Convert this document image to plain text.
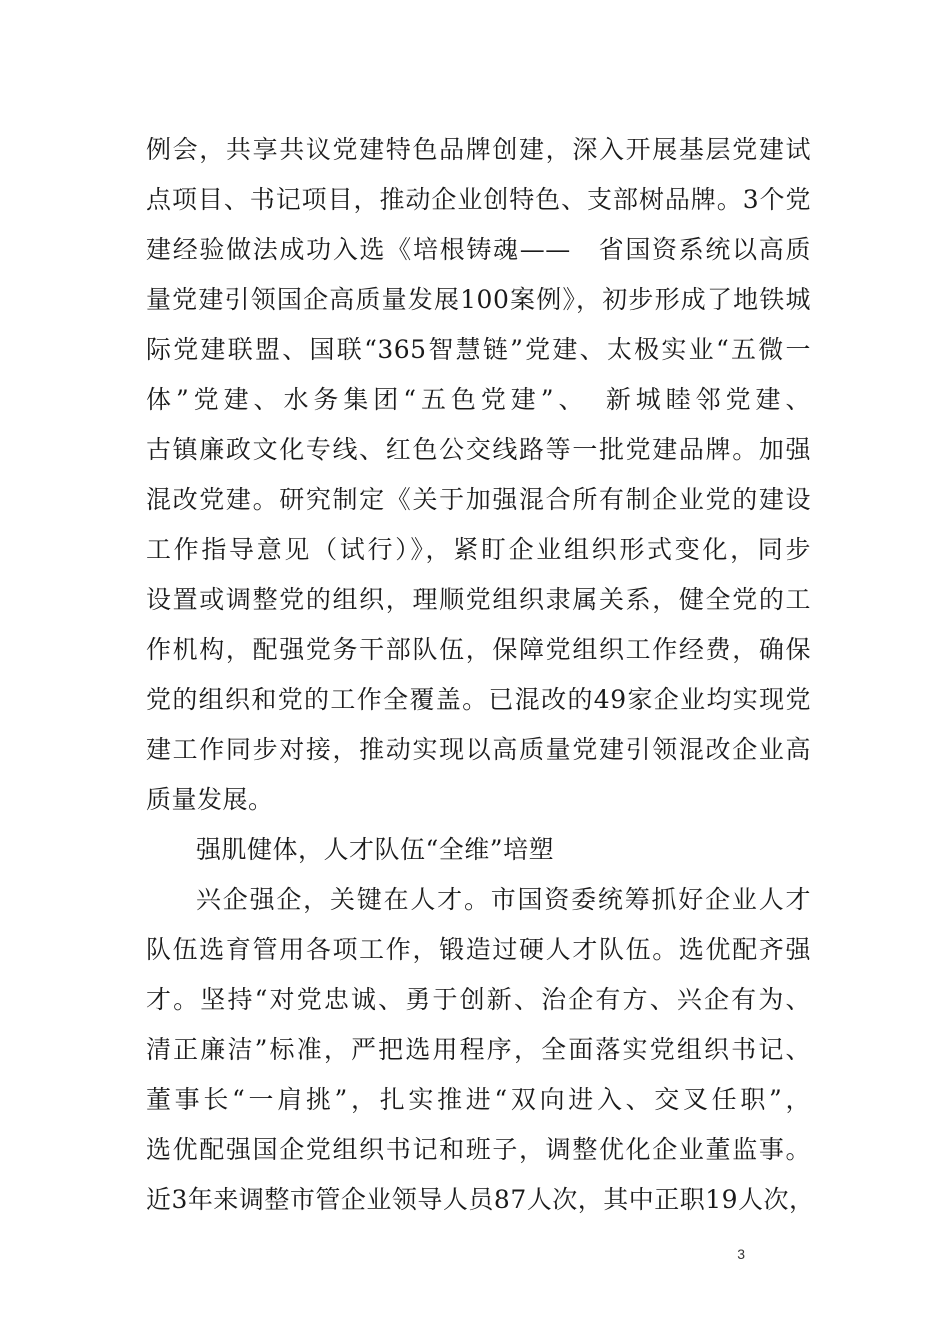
例会，共享共议党建特色品牌创建，深入开展基层党建试
点项目、书记项目，推动企业创特色、支部树品牌。3个党
建经验做法成功入选《培根铸魂——　省国资系统以高质
量党建引领国企高质量发展100案例》，初步形成了地铁城
际党建联盟、国联“365智慧链”党建、太极实业“五微一
体”党建、水务集团“五色党建”、　新城睦邻党建、
古镇廉政文化专线、红色公交线路等一批党建品牌。加强
混改党建。研究制定《关于加强混合所有制企业党的建设
工作指导意见（试行）》，紧盯企业组织形式变化，同步
设置或调整党的组织，理顺党组织隶属关系，健全党的工
作机构，配强党务干部队伍，保障党组织工作经费，确保
党的组织和党的工作全覆盖。已混改的49家企业均实现党
建工作同步对接，推动实现以高质量党建引领混改企业高
质量发展。
强肌健体，人才队伍“全维”培塑
兴企强企，关键在人才。市国资委统筹抓好企业人才
队伍选育管用各项工作，锻造过硬人才队伍。选优配齐强
才。坚持“对党忠诚、勇于创新、治企有方、兴企有为、
清正廉洁”标准，严把选用程序，全面落实党组织书记、
董事长“一肩挑”，扎实推进“双向进入、交叉任职”，
选优配强国企党组织书记和班子，调整优化企业董监事。
近3年来调整市管企业领导人员87人次，其中正职19人次，
3
